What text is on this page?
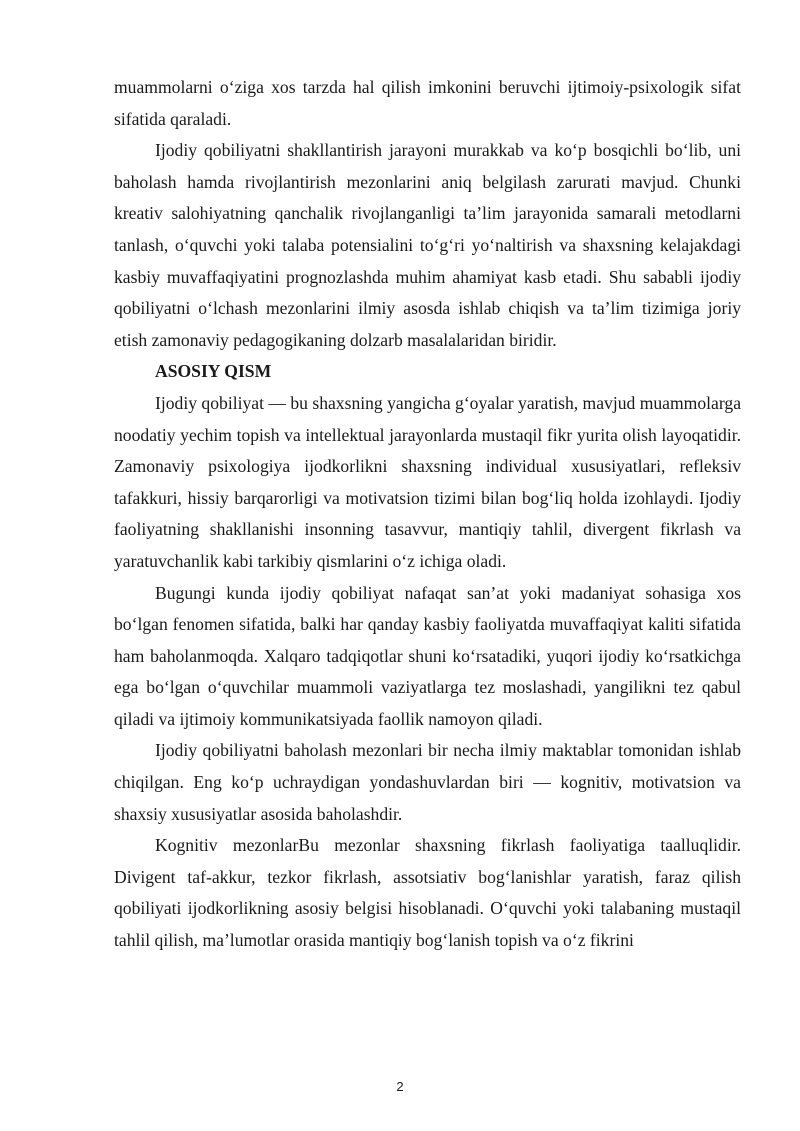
muammolarni o‘ziga xos tarzda hal qilish imkonini beruvchi ijtimoiy-psixologik sifat sifatida qaraladi.

Ijodiy qobiliyatni shakllantirish jarayoni murakkab va ko‘p bosqichli bo‘lib, uni baholash hamda rivojlantirish mezonlarini aniq belgilash zarurati mavjud. Chunki kreativ salohiyatning qanchalik rivojlanganligi ta’lim jarayonida samarali metodlarni tanlash, o‘quvchi yoki talaba potensialini to‘g‘ri yo‘naltirish va shaxsning kelajakdagi kasbiy muvaffaqiyatini prognozlashda muhim ahamiyat kasb etadi. Shu sababli ijodiy qobiliyatni o‘lchash mezonlarini ilmiy asosda ishlab chiqish va ta’lim tizimiga joriy etish zamonaviy pedagogikaning dolzarb masalalaridan biridir.

ASOSIY QISM

Ijodiy qobiliyat — bu shaxsning yangicha g‘oyalar yaratish, mavjud muammolarga noodatiy yechim topish va intellektual jarayonlarda mustaqil fikr yurita olish layoqatidir. Zamonaviy psixologiya ijodkorlikni shaxsning individual xususiyatlari, refleksiv tafakkuri, hissiy barqarorligi va motivatsion tizimi bilan bog‘liq holda izohlaydi. Ijodiy faoliyatning shakllanishi insonning tasavvur, mantiqiy tahlil, divergent fikrlash va yaratuvchanlik kabi tarkibiy qismlarini o‘z ichiga oladi.

Bugungi kunda ijodiy qobiliyat nafaqat san’at yoki madaniyat sohasiga xos bo‘lgan fenomen sifatida, balki har qanday kasbiy faoliyatda muvaffaqiyat kaliti sifatida ham baholanmoqda. Xalqaro tadqiqotlar shuni ko‘rsatadiki, yuqori ijodiy ko‘rsatkichga ega bo‘lgan o‘quvchilar muammoli vaziyatlarga tez moslashadi, yangilikni tez qabul qiladi va ijtimoiy kommunikatsiyada faollik namoyon qiladi.

Ijodiy qobiliyatni baholash mezonlari bir necha ilmiy maktablar tomonidan ishlab chiqilgan. Eng ko‘p uchraydigan yondashuvlardan biri — kognitiv, motivatsion va shaxsiy xususiyatlar asosida baholashdir.

Kognitiv mezonlarBu mezonlar shaxsning fikrlash faoliyatiga taalluqlidir. Divigent taf-akkur, tezkor fikrlash, assotsiativ bog‘lanishlar yaratish, faraz qilish qobiliyati ijodkorlikning asosiy belgisi hisoblanadi. O‘quvchi yoki talabaning mustaqil tahlil qilish, ma’lumotlar orasida mantiqiy bog‘lanish topish va o‘z fikrini

2
